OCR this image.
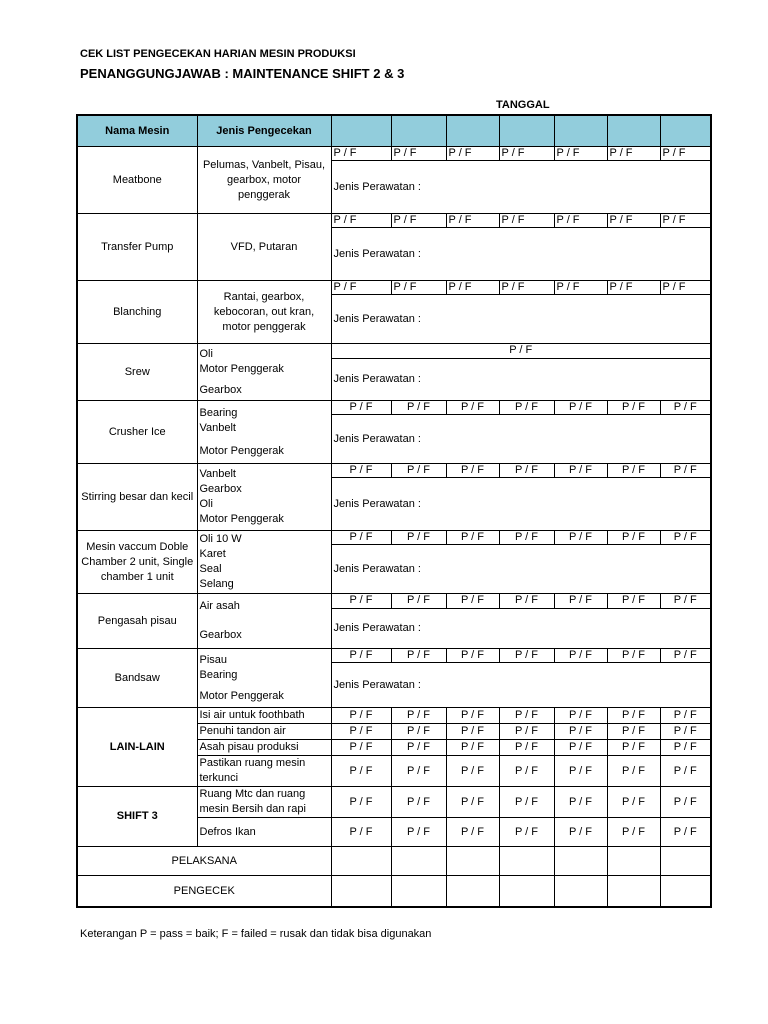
CEK LIST PENGECEKAN HARIAN MESIN PRODUKSI
PENANGGUNGJAWAB : MAINTENANCE SHIFT 2 & 3
TANGGAL
Nama Mesin	Jenis Pengecekan							
Meatbone	Pelumas, Vanbelt, Pisau, gearbox, motor penggerak	P / F	P / F	P / F	P / F	P / F	P / F	P / F
		Jenis Perawatan :						
Transfer Pump	VFD, Putaran	P / F	P / F	P / F	P / F	P / F	P / F	P / F
		Jenis Perawatan :						
Blanching	Rantai, gearbox, kebocoran, out kran, motor penggerak	P / F	P / F	P / F	P / F	P / F	P / F	P / F
		Jenis Perawatan :						
Srew	Oli
Motor Penggerak
Gearbox	P / F						
		Jenis Perawatan :						
Crusher Ice	Bearing
Vanbelt
Motor Penggerak	P / F	P / F	P / F	P / F	P / F	P / F	P / F
		Jenis Perawatan :						
Stirring besar dan kecil	Vanbelt
Gearbox
Oli
Motor Penggerak	P / F	P / F	P / F	P / F	P / F	P / F	P / F
		Jenis Perawatan :						
Mesin vaccum Doble Chamber 2 unit, Single chamber 1 unit	Oli 10 W
Karet
Seal
Selang	P / F	P / F	P / F	P / F	P / F	P / F	P / F
		Jenis Perawatan :						
Pengasah pisau	Air asah
Gearbox	P / F	P / F	P / F	P / F	P / F	P / F	P / F
		Jenis Perawatan :						
Bandsaw	Pisau
Bearing
Motor Penggerak	P / F	P / F	P / F	P / F	P / F	P / F	P / F
		Jenis Perawatan :						
LAIN-LAIN	Isi air untuk foothbath	P / F	P / F	P / F	P / F	P / F	P / F	P / F
	Penuhi tandon air	P / F	P / F	P / F	P / F	P / F	P / F	P / F
	Asah pisau produksi	P / F	P / F	P / F	P / F	P / F	P / F	P / F
	Pastikan ruang mesin terkunci	P / F	P / F	P / F	P / F	P / F	P / F	P / F
SHIFT 3	Ruang Mtc dan ruang mesin Bersih dan rapi	P / F	P / F	P / F	P / F	P / F	P / F	P / F
	Defros Ikan	P / F	P / F	P / F	P / F	P / F	P / F	P / F
PELAKSANA								
PENGECEK								
Keterangan P = pass = baik; F = failed = rusak dan tidak bisa digunakan
